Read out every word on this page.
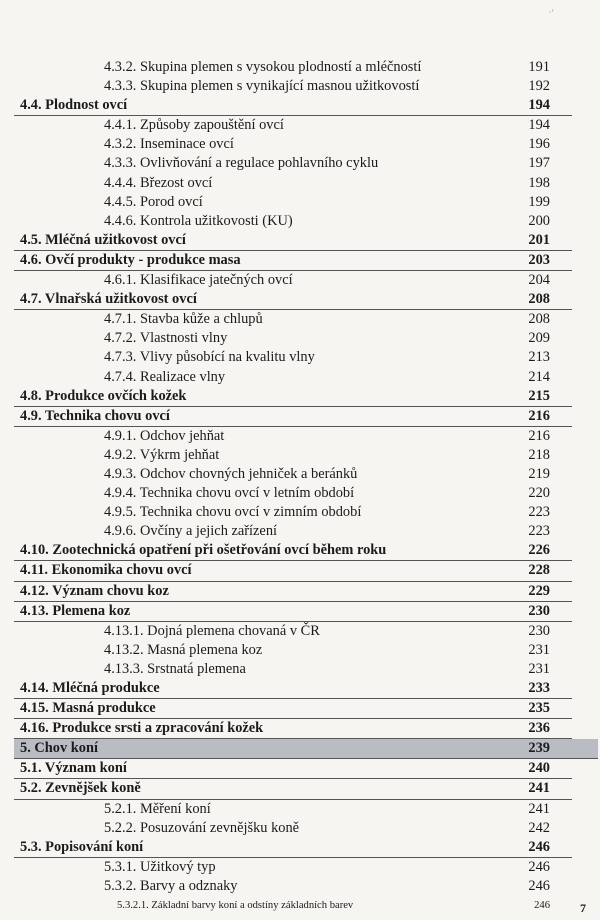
·ʼ
4.3.2. Skupina plemen s vysokou plodností a mléčností	191
4.3.3. Skupina plemen s vynikající masnou užitkovostí	192
4.4. Plodnost ovcí	194
4.4.1. Způsoby zapouštění ovcí	194
4.3.2. Inseminace ovcí	196
4.3.3. Ovlivňování a regulace pohlavního cyklu	197
4.4.4. Březost ovcí	198
4.4.5. Porod ovcí	199
4.4.6. Kontrola užitkovosti (KU)	200
4.5. Mléčná užitkovost ovcí	201
4.6. Ovčí produkty - produkce masa	203
4.6.1. Klasifikace jatečných ovcí	204
4.7. Vlnařská užitkovost ovcí	208
4.7.1. Stavba kůže a chlupů	208
4.7.2. Vlastnosti vlny	209
4.7.3. Vlivy působící na kvalitu vlny	213
4.7.4. Realizace vlny	214
4.8. Produkce ovčích kožek	215
4.9. Technika chovu ovcí	216
4.9.1. Odchov jehňat	216
4.9.2. Výkrm jehňat	218
4.9.3. Odchov chovných jehniček a beránků	219
4.9.4. Technika chovu ovcí v letním období	220
4.9.5. Technika chovu ovcí v zimním období	223
4.9.6. Ovčíny a jejich zařízení	223
4.10. Zootechnická opatření při ošetřování ovcí během roku	226
4.11. Ekonomika chovu ovcí	228
4.12. Význam chovu koz	229
4.13. Plemena koz	230
4.13.1. Dojná plemena chovaná v ČR	230
4.13.2. Masná plemena koz	231
4.13.3. Srstnatá plemena	231
4.14. Mléčná produkce	233
4.15. Masná produkce	235
4.16. Produkce srsti a zpracování kožek	236
5. Chov koní	239
5.1. Význam koní	240
5.2. Zevnějšek koně	241
5.2.1. Měření koní	241
5.2.2. Posuzování zevnějšku koně	242
5.3. Popisování koní	246
5.3.1. Užitkový typ	246
5.3.2. Barvy a odznaky	246
5.3.2.1. Základní barvy koní a odstíny základních barev	246	7
